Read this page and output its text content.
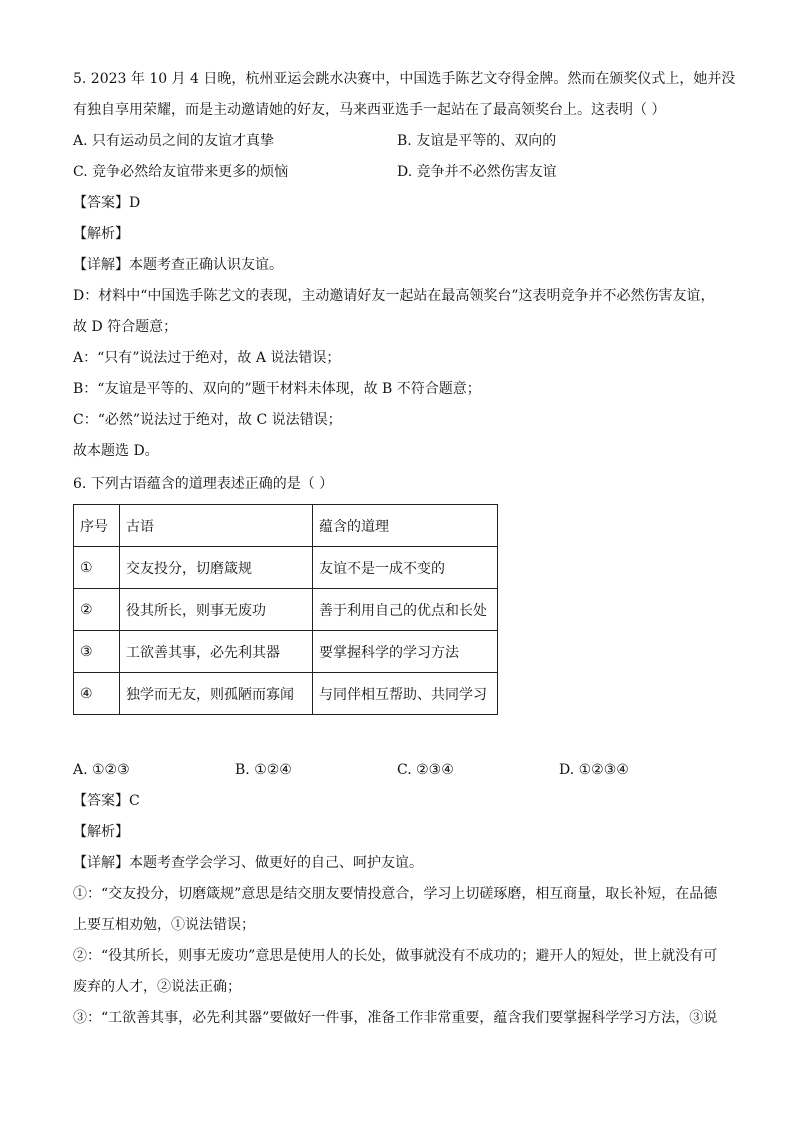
5. 2023 年 10 月 4 日晚，杭州亚运会跳水决赛中，中国选手陈艺文夺得金牌。然而在颁奖仪式上，她并没
有独自享用荣耀，而是主动邀请她的好友，马来西亚选手一起站在了最高领奖台上。这表明（ ）
A. 只有运动员之间的友谊才真挚	B. 友谊是平等的、双向的
C. 竞争必然给友谊带来更多的烦恼	D. 竞争并不必然伤害友谊
【答案】D
【解析】
【详解】本题考查正确认识友谊。
D：材料中“中国选手陈艺文的表现，主动邀请好友一起站在最高领奖台”这表明竞争并不必然伤害友谊，
故 D 符合题意；
A：“只有”说法过于绝对，故 A 说法错误；
B：“友谊是平等的、双向的”题干材料未体现，故 B 不符合题意；
C：“必然”说法过于绝对，故 C 说法错误；
故本题选 D。
6. 下列古语蕴含的道理表述正确的是（ ）
序号	古语	蕴含的道理
①	交友投分，切磨箴规	友谊不是一成不变的
②	役其所长，则事无废功	善于利用自己的优点和长处
③	工欲善其事，必先利其器	要掌握科学的学习方法
④	独学而无友，则孤陋而寡闻	与同伴相互帮助、共同学习
A. ①②③	B. ①②④	C. ②③④	D. ①②③④
【答案】C
【解析】
【详解】本题考查学会学习、做更好的自己、呵护友谊。
①：“交友投分，切磨箴规”意思是结交朋友要情投意合，学习上切磋琢磨，相互商量，取长补短，在品德
上要互相劝勉，①说法错误；
②：“役其所长，则事无废功”意思是使用人的长处，做事就没有不成功的；避开人的短处，世上就没有可
废弃的人才，②说法正确；
③：“工欲善其事，必先利其器”要做好一件事，准备工作非常重要，蕴含我们要掌握科学学习方法，③说
